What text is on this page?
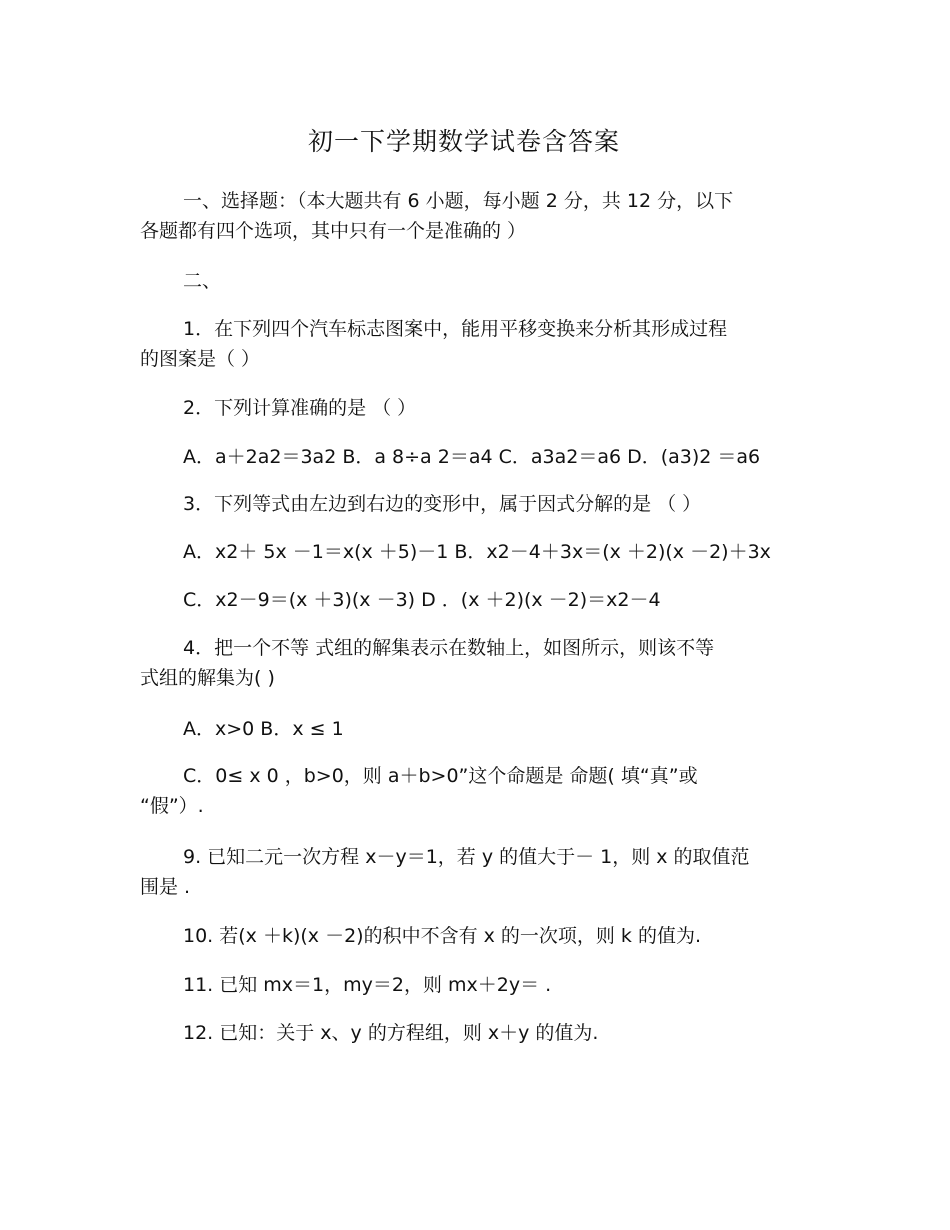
初一下学期数学试卷含答案

一、选择题：（本大题共有 6 小题，每小题 2 分，共 12 分，以下
各题都有四个选项，其中只有一个是准确的 ）

二、

1．在下列四个汽车标志图案中，能用平移变换来分析其形成过程
的图案是（ ）

2．下列计算准确的是 （ ）

A．a＋2a2＝3a2 B．a 8÷a 2＝a4 C．a3a2＝a6 D．(a3)2 ＝a6

3．下列等式由左边到右边的变形中，属于因式分解的是 （ ）

A．x2＋ 5x －1＝x(x ＋5)－1 B．x2－4＋3x＝(x ＋2)(x －2)＋3x

C．x2－9＝(x ＋3)(x －3) D ．(x ＋2)(x －2)＝x2－4

4．把一个不等 式组的解集表示在数轴上，如图所示，则该不等
式组的解集为( )

A．x>0 B．x ≤ 1

C．0≤ x 0 ，b>0，则 a＋b>0”这个命题是 命题( 填“真”或
“假”）.

9. 已知二元一次方程 x－y＝1，若 y 的值大于－ 1，则 x 的取值范
围是 .

10. 若(x ＋k)(x －2)的积中不含有 x 的一次项，则 k 的值为.

11. 已知 mx＝1，my＝2，则 mx＋2y＝ .

12. 已知：关于 x、y 的方程组，则 x＋y 的值为.
